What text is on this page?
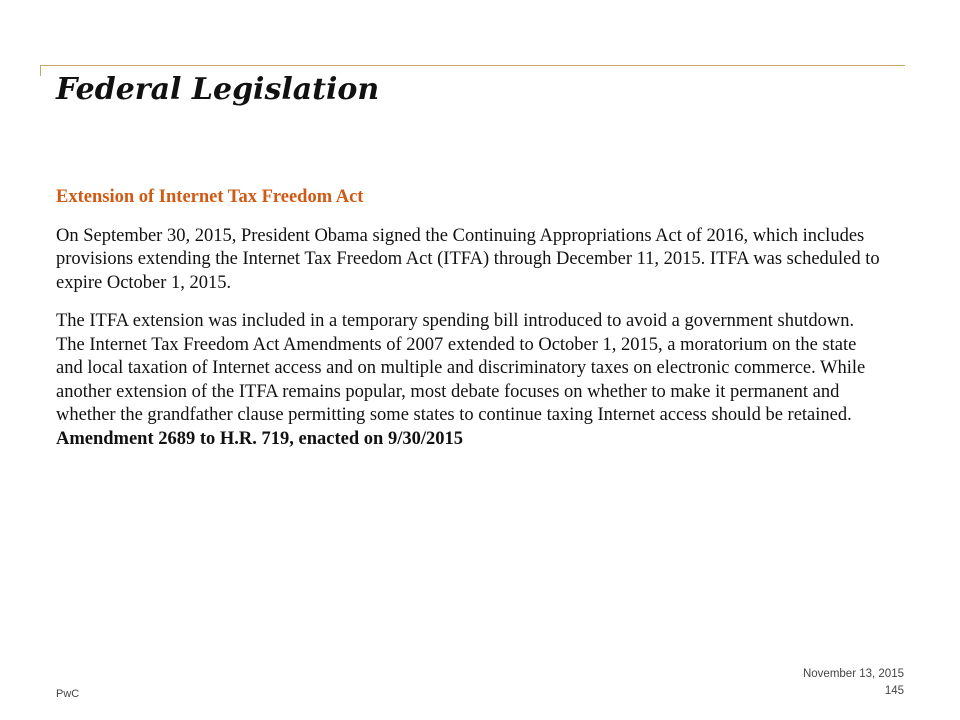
Federal Legislation

Extension of Internet Tax Freedom Act

On September 30, 2015, President Obama signed the Continuing Appropriations Act of 2016, which includes provisions extending the Internet Tax Freedom Act (ITFA) through December 11, 2015. ITFA was scheduled to expire October 1, 2015.

The ITFA extension was included in a temporary spending bill introduced to avoid a government shutdown. The Internet Tax Freedom Act Amendments of 2007 extended to October 1, 2015, a moratorium on the state and local taxation of Internet access and on multiple and discriminatory taxes on electronic commerce. While another extension of the ITFA remains popular, most debate focuses on whether to make it permanent and whether the grandfather clause permitting some states to continue taxing Internet access should be retained. Amendment 2689 to H.R. 719, enacted on 9/30/2015

PwC
November 13, 2015
145
